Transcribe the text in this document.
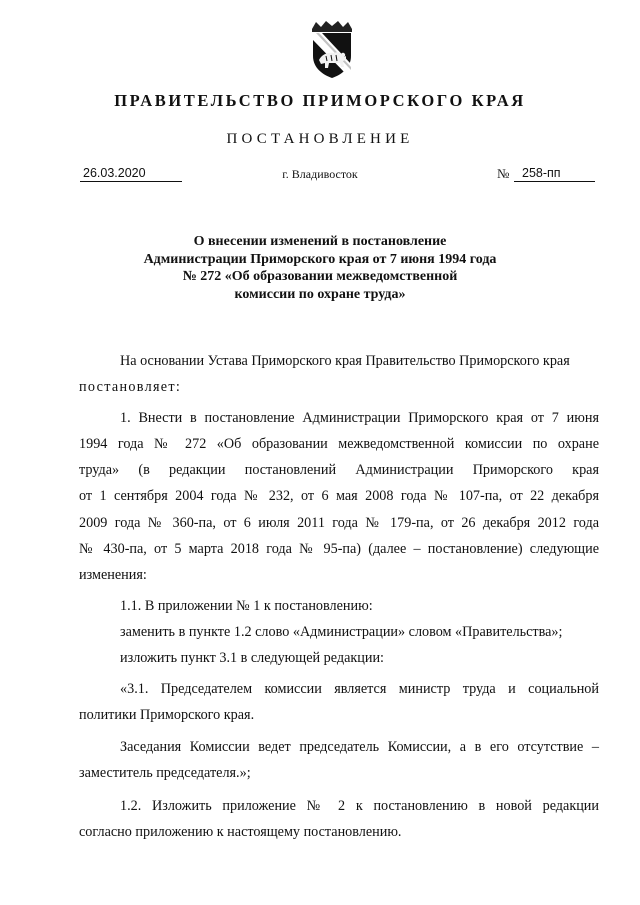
ПРАВИТЕЛЬСТВО ПРИМОРСКОГО КРАЯ
ПОСТАНОВЛЕНИЕ
26.03.2020	г. Владивосток	№	258-пп
О внесении изменений в постановление
Администрации Приморского края от 7 июня 1994 года
№ 272 «Об образовании межведомственной
комиссии по охране труда»
На основании Устава Приморского края Правительство Приморского края
постановляет:
1. Внести в постановление Администрации Приморского края от 7 июня
1994 года № 272 «Об образовании межведомственной комиссии по охране
труда» (в редакции постановлений Администрации Приморского края
от 1 сентября 2004 года № 232, от 6 мая 2008 года № 107-па, от 22 декабря
2009 года № 360-па, от 6 июля 2011 года № 179-па, от 26 декабря 2012 года
№ 430-па, от 5 марта 2018 года № 95-па) (далее – постановление) следующие
изменения:
1.1. В приложении № 1 к постановлению:
заменить в пункте 1.2 слово «Администрации» словом «Правительства»;
изложить пункт 3.1 в следующей редакции:
«3.1. Председателем комиссии является министр труда и социальной
политики Приморского края.
Заседания Комиссии ведет председатель Комиссии, а в его отсутствие –
заместитель председателя.»;
1.2. Изложить приложение № 2 к постановлению в новой редакции
согласно приложению к настоящему постановлению.
